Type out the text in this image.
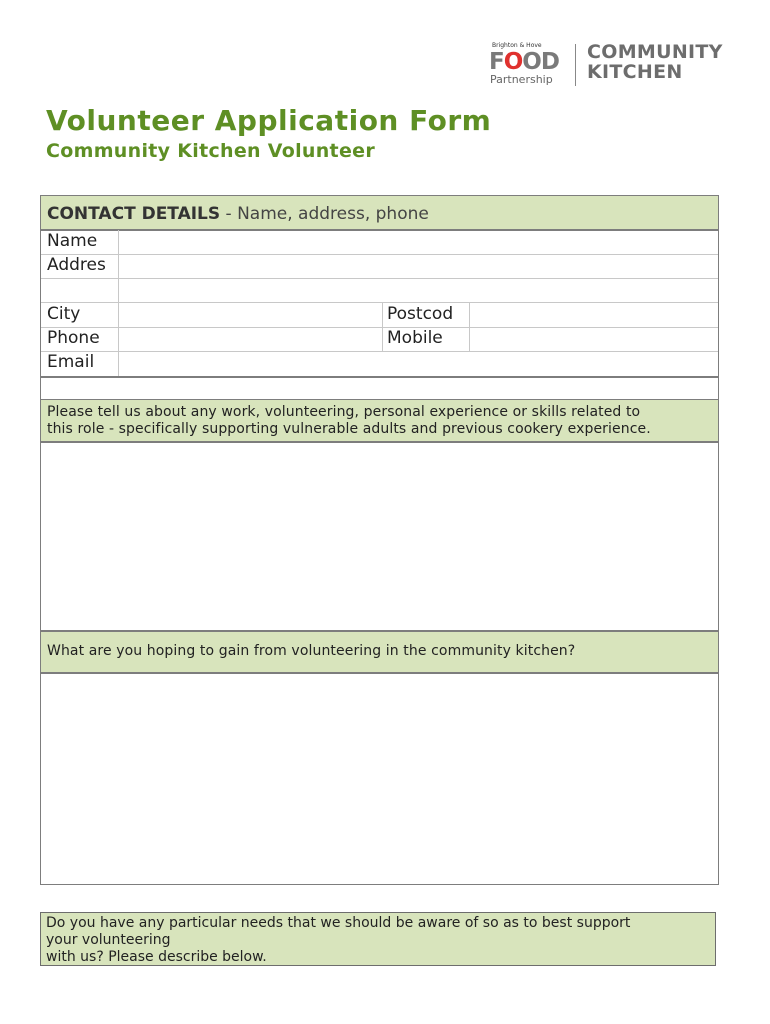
Brighton & Hove
FOOD
Partnership
COMMUNITY
KITCHEN
Volunteer Application Form
Community Kitchen Volunteer
CONTACT DETAILS - Name, address, phone
Name
Addres
City	Postcod
Phone	Mobile
Email
Please tell us about any work, volunteering, personal experience or skills related to
this role - specifically supporting vulnerable adults and previous cookery experience.
What are you hoping to gain from volunteering in the community kitchen?
Do you have any particular needs that we should be aware of so as to best support
your volunteering
with us? Please describe below.
